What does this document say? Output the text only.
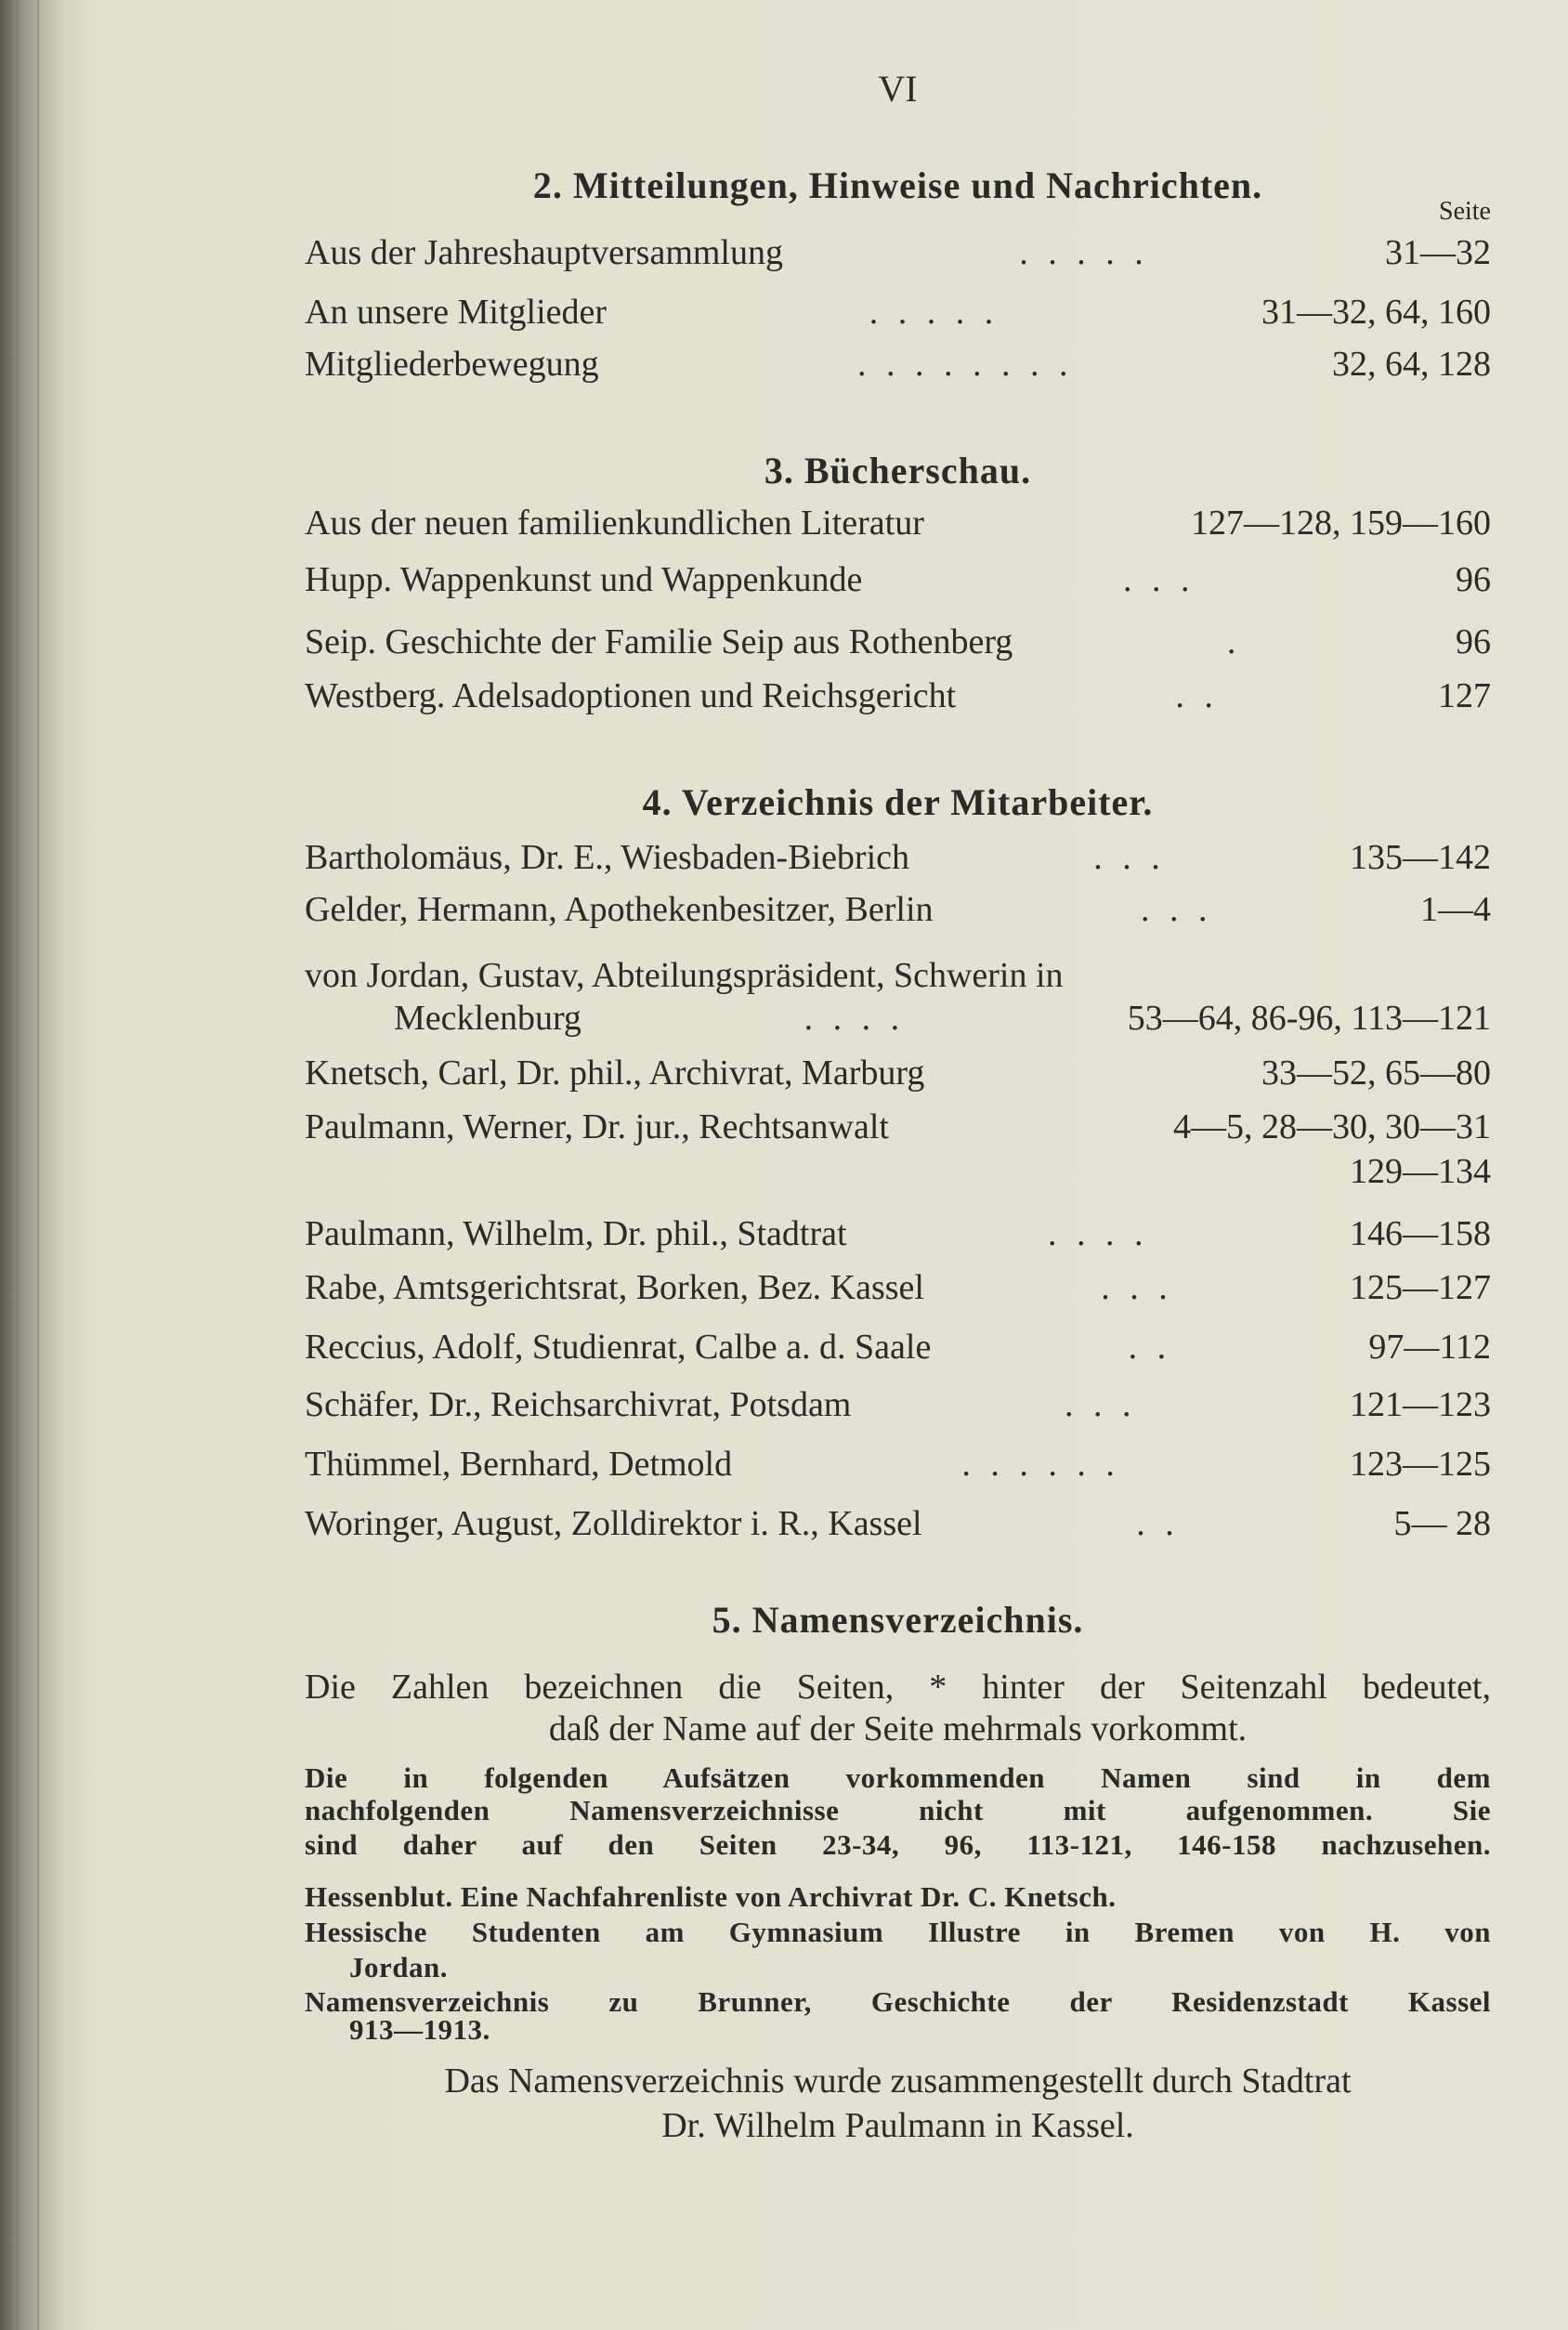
VI
2. Mitteilungen, Hinweise und Nachrichten.
Seite
Aus der Jahreshauptversammlung	. . . . .	31—32
An unsere Mitglieder	. . . . .	31—32, 64, 160
Mitgliederbewegung	. . . . . . . .	32, 64, 128
3. Bücherschau.
Aus der neuen familienkundlichen Literatur	127—128, 159—160
Hupp. Wappenkunst und Wappenkunde	. . .	96
Seip. Geschichte der Familie Seip aus Rothenberg	.	96
Westberg. Adelsadoptionen und Reichsgericht	. .	127
4. Verzeichnis der Mitarbeiter.
Bartholomäus, Dr. E., Wiesbaden-Biebrich	. . .	135—142
Gelder, Hermann, Apothekenbesitzer, Berlin	. . .	1—4
von Jordan, Gustav, Abteilungspräsident, Schwerin in
Mecklenburg	. . . .	53—64, 86-96, 113—121
Knetsch, Carl, Dr. phil., Archivrat, Marburg	33—52, 65—80
Paulmann, Werner, Dr. jur., Rechtsanwalt	4—5, 28—30, 30—31
129—134
Paulmann, Wilhelm, Dr. phil., Stadtrat	. . . .	146—158
Rabe, Amtsgerichtsrat, Borken, Bez. Kassel	. . .	125—127
Reccius, Adolf, Studienrat, Calbe a. d. Saale	. .	97—112
Schäfer, Dr., Reichsarchivrat, Potsdam	. . .	121—123
Thümmel, Bernhard, Detmold	. . . . . .	123—125
Woringer, August, Zolldirektor i. R., Kassel	. .	5— 28
5. Namensverzeichnis.
Die Zahlen bezeichnen die Seiten, * hinter der Seitenzahl bedeutet,
daß der Name auf der Seite mehrmals vorkommt.
Die in folgenden Aufsätzen vorkommenden Namen sind in dem
nachfolgenden Namensverzeichnisse nicht mit aufgenommen. Sie
sind daher auf den Seiten 23-34, 96, 113-121, 146-158 nachzusehen.
Hessenblut. Eine Nachfahrenliste von Archivrat Dr. C. Knetsch.
Hessische Studenten am Gymnasium Illustre in Bremen von H. von
Jordan.
Namensverzeichnis zu Brunner, Geschichte der Residenzstadt Kassel
913—1913.
Das Namensverzeichnis wurde zusammengestellt durch Stadtrat
Dr. Wilhelm Paulmann in Kassel.
